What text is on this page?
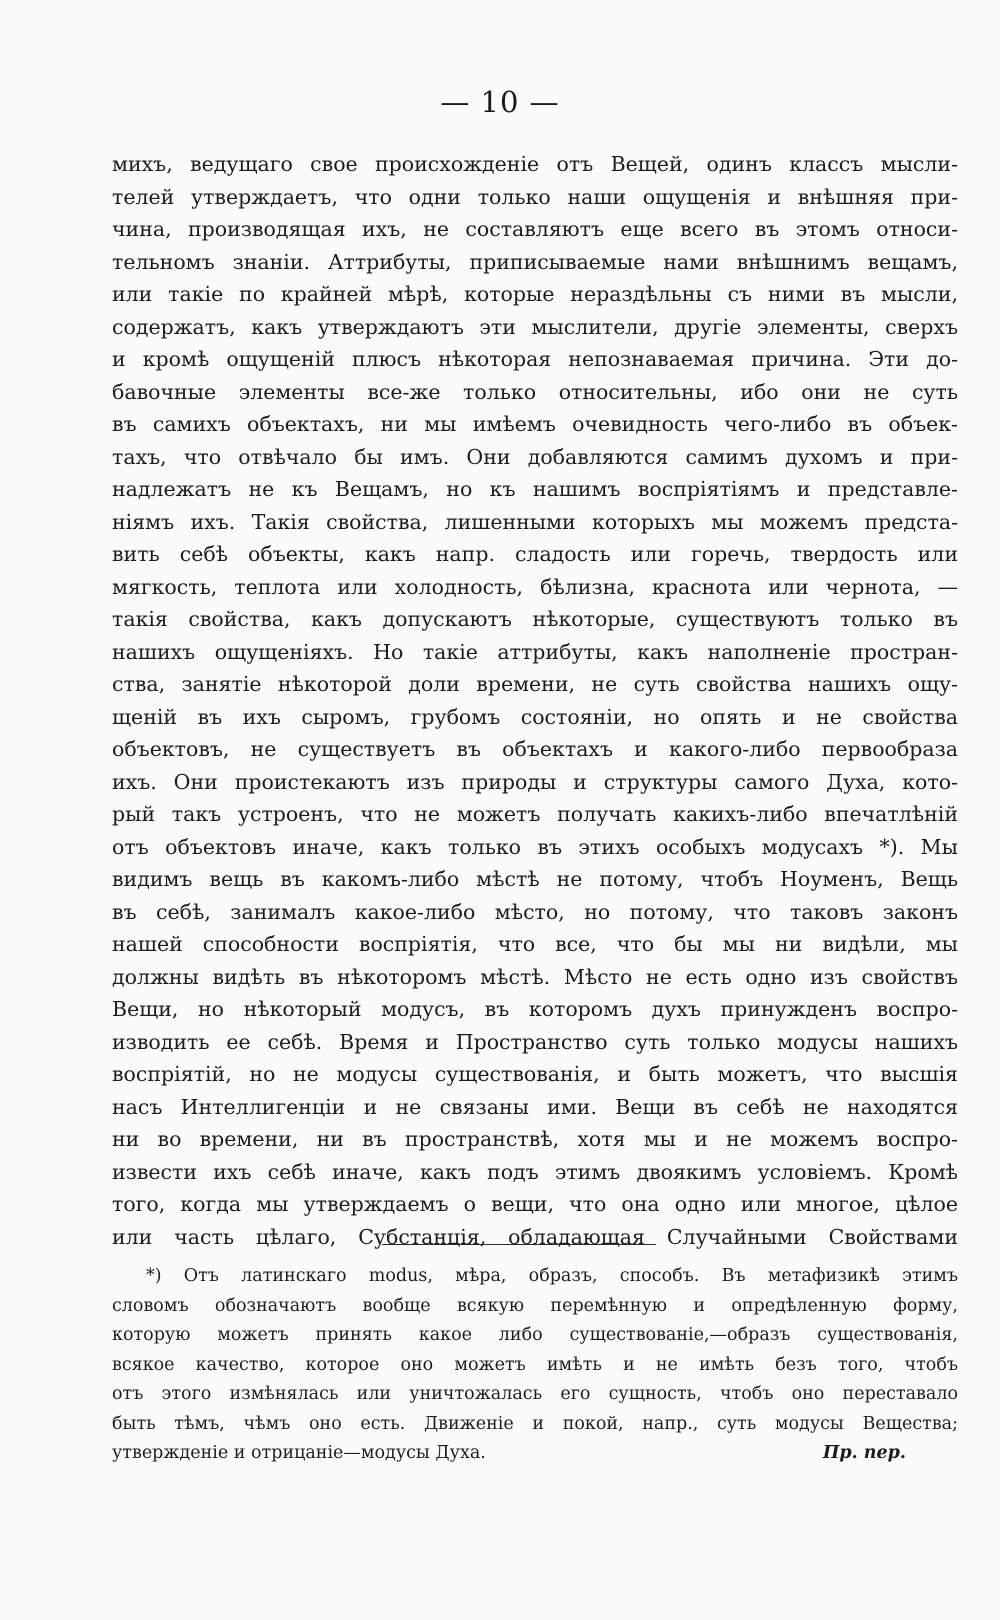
— 10 —
михъ, ведущаго свое происхожденіе отъ Вещей, одинъ классъ мысли-
телей утверждаетъ, что одни только наши ощущенія и внѣшняя при-
чина, производящая ихъ, не составляютъ еще всего въ этомъ относи-
тельномъ знаніи. Аттрибуты, приписываемые нами внѣшнимъ вещамъ,
или такіе по крайней мѣрѣ, которые нераздѣльны съ ними въ мысли,
содержатъ, какъ утверждаютъ эти мыслители, другіе элементы, сверхъ
и кромѣ ощущеній плюсъ нѣкоторая непознаваемая причина. Эти до-
бавочные элементы все-же только относительны, ибо они не суть
въ самихъ объектахъ, ни мы имѣемъ очевидность чего-либо въ объек-
тахъ, что отвѣчало бы имъ. Они добавляются самимъ духомъ и при-
надлежатъ не къ Вещамъ, но къ нашимъ воспріятіямъ и представле-
ніямъ ихъ. Такія свойства, лишенными которыхъ мы можемъ предста-
вить себѣ объекты, какъ напр. сладость или горечь, твердость или
мягкость, теплота или холодность, бѣлизна, краснота или чернота, —
такія свойства, какъ допускаютъ нѣкоторые, существуютъ только въ
нашихъ ощущеніяхъ. Но такіе аттрибуты, какъ наполненіе простран-
ства, занятіе нѣкоторой доли времени, не суть свойства нашихъ ощу-
щеній въ ихъ сыромъ, грубомъ состояніи, но опять и не свойства
объектовъ, не существуетъ въ объектахъ и какого-либо первообраза
ихъ. Они проистекаютъ изъ природы и структуры самого Духа, кото-
рый такъ устроенъ, что не можетъ получать какихъ-либо впечатлѣній
отъ объектовъ иначе, какъ только въ этихъ особыхъ модусахъ *). Мы
видимъ вещь въ какомъ-либо мѣстѣ не потому, чтобъ Ноуменъ, Вещь
въ себѣ, занималъ какое-либо мѣсто, но потому, что таковъ законъ
нашей способности воспріятія, что все, что бы мы ни видѣли, мы
должны видѣть въ нѣкоторомъ мѣстѣ. Мѣсто не есть одно изъ свойствъ
Вещи, но нѣкоторый модусъ, въ которомъ духъ принужденъ воспро-
изводить ее себѣ. Время и Пространство суть только модусы нашихъ
воспріятій, но не модусы существованія, и быть можетъ, что высшія
насъ Интеллигенціи и не связаны ими. Вещи въ себѣ не находятся
ни во времени, ни въ пространствѣ, хотя мы и не можемъ воспро-
извести ихъ себѣ иначе, какъ подъ этимъ двоякимъ условіемъ. Кромѣ
того, когда мы утверждаемъ о вещи, что она одно или многое, цѣлое
или часть цѣлаго, Субстанція, обладающая Случайными Свойствами
*) Отъ латинскаго modus, мѣра, образъ, способъ. Въ метафизикѣ этимъ
словомъ обозначаютъ вообще всякую перемѣнную и опредѣленную форму,
которую можетъ принять какое либо существованіе,—образъ существованія,
всякое качество, которое оно можетъ имѣть и не имѣть безъ того, чтобъ
отъ этого измѣнялась или уничтожалась его сущность, чтобъ оно переставало
быть тѣмъ, чѣмъ оно есть. Движеніе и покой, напр., суть модусы Вещества;
утвержденіе и отрицаніе—модусы Духа.	Пр. пер.
